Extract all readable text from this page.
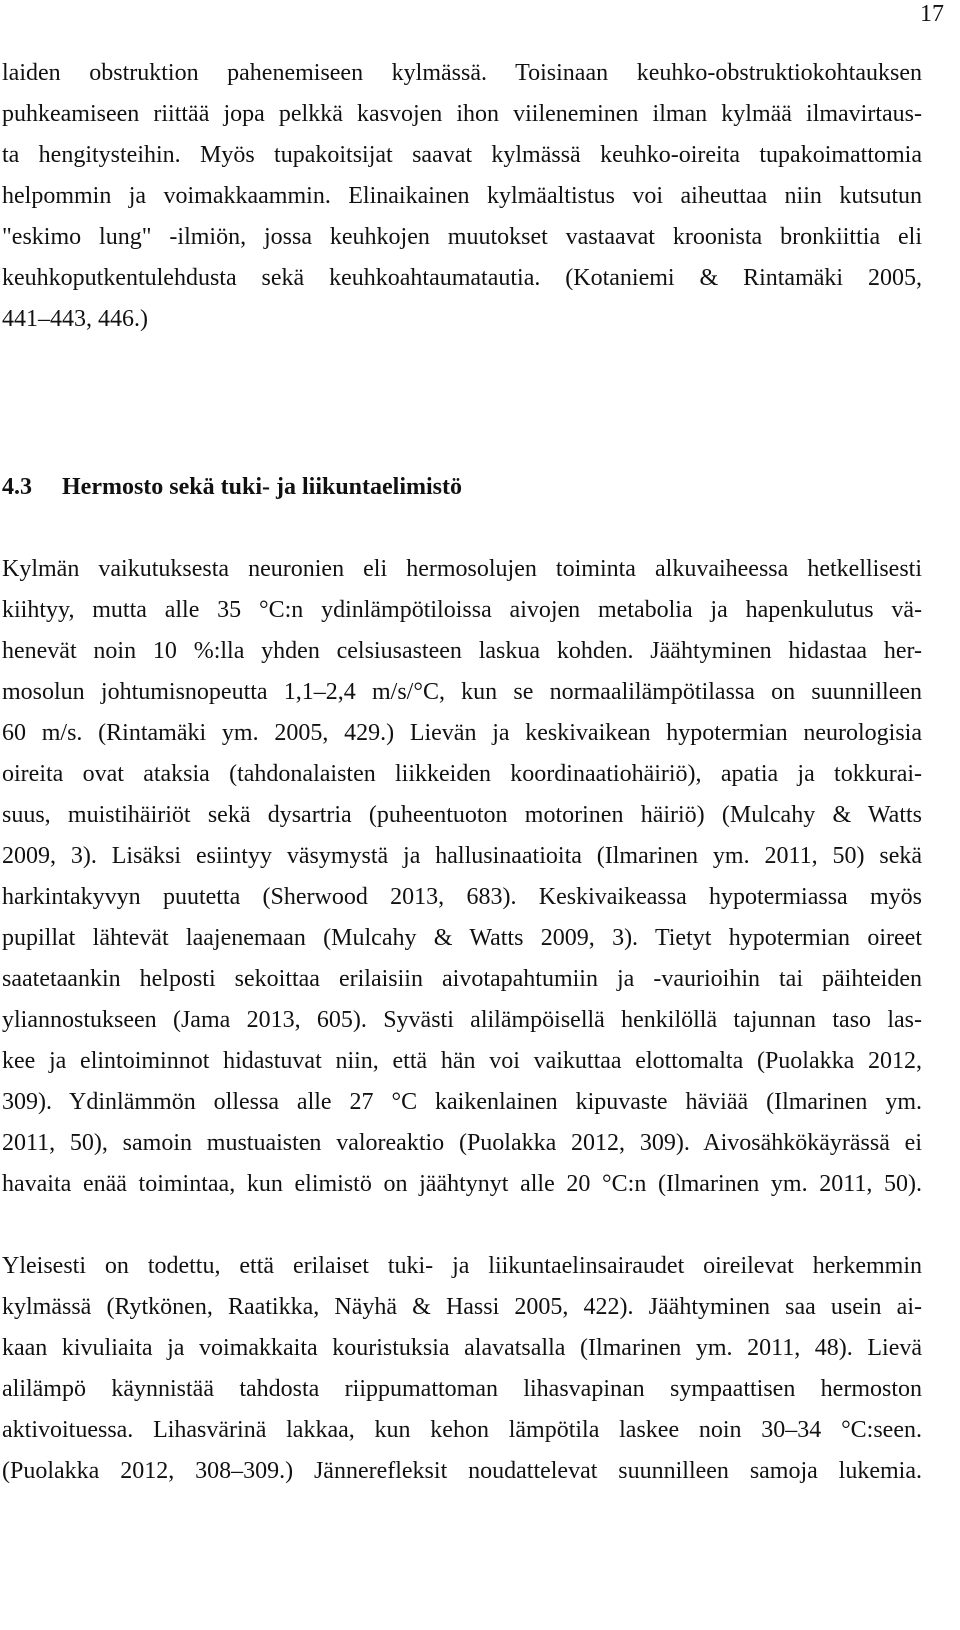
17
laiden obstruktion pahenemiseen kylmässä. Toisinaan keuhko-obstruktiokohtauksen
puhkeamiseen riittää jopa pelkkä kasvojen ihon viileneminen ilman kylmää ilmavirtaus-
ta hengitysteihin. Myös tupakoitsijat saavat kylmässä keuhko-oireita tupakoimattomia
helpommin ja voimakkaammin. Elinaikainen kylmäaltistus voi aiheuttaa niin kutsutun
"eskimo lung" -ilmiön, jossa keuhkojen muutokset vastaavat kroonista bronkiittia eli
keuhkoputkentulehdusta sekä keuhkoahtaumatautia. (Kotaniemi & Rintamäki 2005,
441–443, 446.)
4.3 Hermosto sekä tuki- ja liikuntaelimistö
Kylmän vaikutuksesta neuronien eli hermosolujen toiminta alkuvaiheessa hetkellisesti
kiihtyy, mutta alle 35 °C:n ydinlämpötiloissa aivojen metabolia ja hapenkulutus vä-
henevät noin 10 %:lla yhden celsiusasteen laskua kohden. Jäähtyminen hidastaa her-
mosolun johtumisnopeutta 1,1–2,4 m/s/°C, kun se normaalilämpötilassa on suunnilleen
60 m/s. (Rintamäki ym. 2005, 429.) Lievän ja keskivaikean hypotermian neurologisia
oireita ovat ataksia (tahdonalaisten liikkeiden koordinaatiohäiriö), apatia ja tokkurai-
suus, muistihäiriöt sekä dysartria (puheentuoton motorinen häiriö) (Mulcahy & Watts
2009, 3). Lisäksi esiintyy väsymystä ja hallusinaatioita (Ilmarinen ym. 2011, 50) sekä
harkintakyvyn puutetta (Sherwood 2013, 683). Keskivaikeassa hypotermiassa myös
pupillat lähtevät laajenemaan (Mulcahy & Watts 2009, 3). Tietyt hypotermian oireet
saatetaankin helposti sekoittaa erilaisiin aivotapahtumiin ja -vaurioihin tai päihteiden
yliannostukseen (Jama 2013, 605). Syvästi alilämpöisellä henkilöllä tajunnan taso las-
kee ja elintoiminnot hidastuvat niin, että hän voi vaikuttaa elottomalta (Puolakka 2012,
309). Ydinlämmön ollessa alle 27 °C kaikenlainen kipuvaste häviää (Ilmarinen ym.
2011, 50), samoin mustuaisten valoreaktio (Puolakka 2012, 309). Aivosähkökäyrässä ei
havaita enää toimintaa, kun elimistö on jäähtynyt alle 20 °C:n (Ilmarinen ym. 2011, 50).
Yleisesti on todettu, että erilaiset tuki- ja liikuntaelinsairaudet oireilevat herkemmin
kylmässä (Rytkönen, Raatikka, Näyhä & Hassi 2005, 422). Jäähtyminen saa usein ai-
kaan kivuliaita ja voimakkaita kouristuksia alavatsalla (Ilmarinen ym. 2011, 48). Lievä
alilämpö käynnistää tahdosta riippumattoman lihasvapinan sympaattisen hermoston
aktivoituessa. Lihasvärinä lakkaa, kun kehon lämpötila laskee noin 30–34 °C:seen.
(Puolakka 2012, 308–309.) Jännerefleksit noudattelevat suunnilleen samoja lukemia.
